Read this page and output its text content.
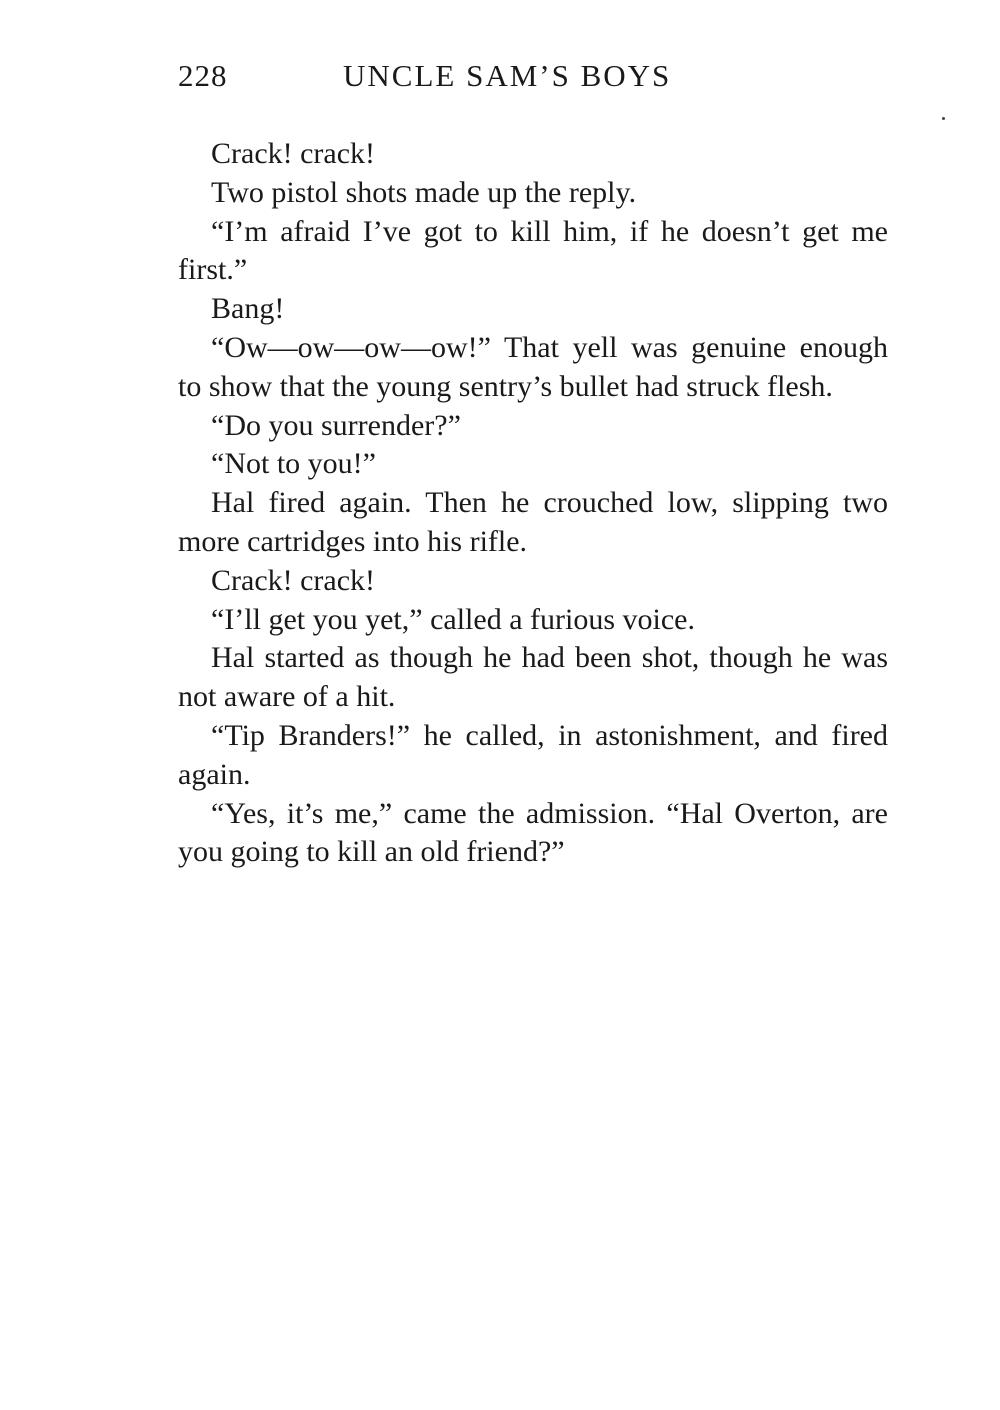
228	UNCLE SAM’S BOYS

Crack! crack!

Two pistol shots made up the reply.

“I’m afraid I’ve got to kill him, if he doesn’t get me first.”

Bang!

“Ow—ow—ow—ow!” That yell was genuine enough to show that the young sentry’s bullet had struck flesh.

“Do you surrender?”

“Not to you!”

Hal fired again. Then he crouched low, slipping two more cartridges into his rifle.

Crack! crack!

“I’ll get you yet,” called a furious voice.

Hal started as though he had been shot, though he was not aware of a hit.

“Tip Branders!” he called, in astonishment, and fired again.

“Yes, it’s me,” came the admission. “Hal Overton, are you going to kill an old friend?”
